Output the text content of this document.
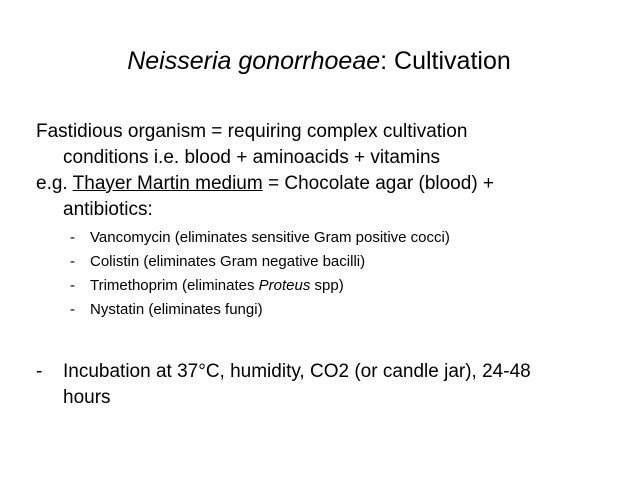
Neisseria gonorrhoeae: Cultivation
Fastidious organism = requiring complex cultivation
conditions i.e. blood + aminoacids + vitamins
e.g. Thayer Martin medium = Chocolate agar (blood) +
antibiotics:
- Vancomycin (eliminates sensitive Gram positive cocci)
- Colistin (eliminates Gram negative bacilli)
- Trimethoprim (eliminates Proteus spp)
- Nystatin (eliminates fungi)
- Incubation at 37°C, humidity, CO2 (or candle jar), 24-48
hours
